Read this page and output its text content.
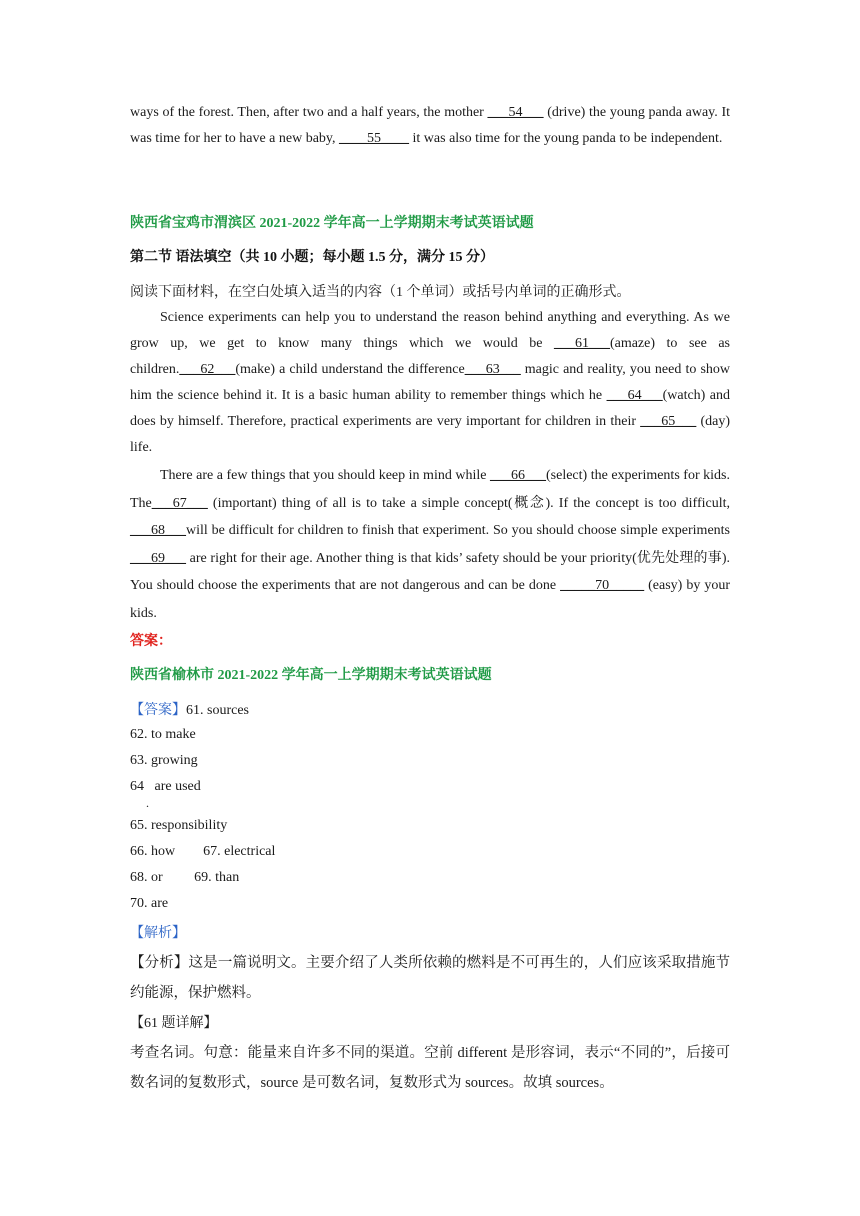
ways of the forest. Then, after two and a half years, the mother ___54___ (drive) the young panda away. It was time for her to have a new baby, ____55____ it was also time for the young panda to be independent.

陕西省宝鸡市渭滨区 2021-2022 学年高一上学期期末考试英语试题
第二节 语法填空（共 10 小题；每小题 1.5 分，满分 15 分）
阅读下面材料，在空白处填入适当的内容（1 个单词）或括号内单词的正确形式。

Science experiments can help you to understand the reason behind anything and everything. As we grow up, we get to know many things which we would be ___61___(amaze) to see as children.___62___(make) a child understand the difference___63___ magic and reality, you need to show him the science behind it. It is a basic human ability to remember things which he ___64___(watch) and does by himself. Therefore, practical experiments are very important for children in their ___65___ (day) life.

There are a few things that you should keep in mind while ___66___(select) the experiments for kids. The___67___ (important) thing of all is to take a simple concept(概念). If the concept is too difficult, ___68___will be difficult for children to finish that experiment. So you should choose simple experiments ___69___ are right for their age. Another thing is that kids’ safety should be your priority(优先处理的事). You should choose the experiments that are not dangerous and can be done _____70_____ (easy) by your kids.

答案：
陕西省榆林市 2021-2022 学年高一上学期期末考试英语试题
【答案】61. sources
62. to make
63. growing
64   are used
.
65. responsibility
66. how        67. electrical
68. or         69. than
70. are
【解析】

【分析】这是一篇说明文。主要介绍了人类所依赖的燃料是不可再生的，人们应该采取措施节约能源，保护燃料。

【61 题详解】

考查名词。句意：能量来自许多不同的渠道。空前 different 是形容词，表示“不同的”，后接可数名词的复数形式，source 是可数名词，复数形式为 sources。故填 sources。
